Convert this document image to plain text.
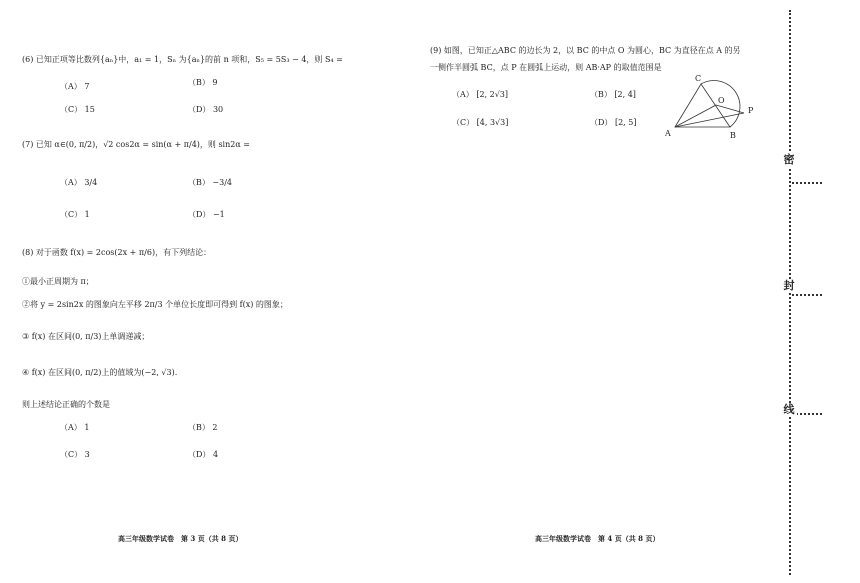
(6) 已知正项等比数列{aₙ}中，a₁ = 1，Sₙ 为{aₙ}的前 n 项和，S₅ = 5S₃ − 4，则 S₄ =
（A） 7	（B） 9
（C） 15	（D） 30
(7) 已知 α∈(0, π/2)，√2 cos2α = sin(α + π/4)，则 sin2α =
（A） 3/4	（B） −3/4
（C） 1	（D） −1
(8) 对于函数 f(x) = 2cos(2x + π/6)，有下列结论：
①最小正周期为 π；
②将 y = 2sin2x 的图象向左平移 2π/3 个单位长度即可得到 f(x) 的图象；
③ f(x) 在区间(0, π/3)上单调递减；
④ f(x) 在区间(0, π/2)上的值域为(−2, √3).
则上述结论正确的个数是
（A） 1	（B） 2
（C） 3	（D） 4
高三年级数学试卷　第 3 页（共 8 页）
(9) 如图，已知正△ABC 的边长为 2，以 BC 的中点 O 为圆心，BC 为直径在点 A 的另
一侧作半圆弧 BC，点 P 在圆弧上运动，则 AB·AP 的取值范围是
（A） [2, 2√3]	（B） [2, 4]
（C） [4, 3√3]	（D） [2, 5]
A	B
C
O
P
高三年级数学试卷　第 4 页（共 8 页）
密
封
线
